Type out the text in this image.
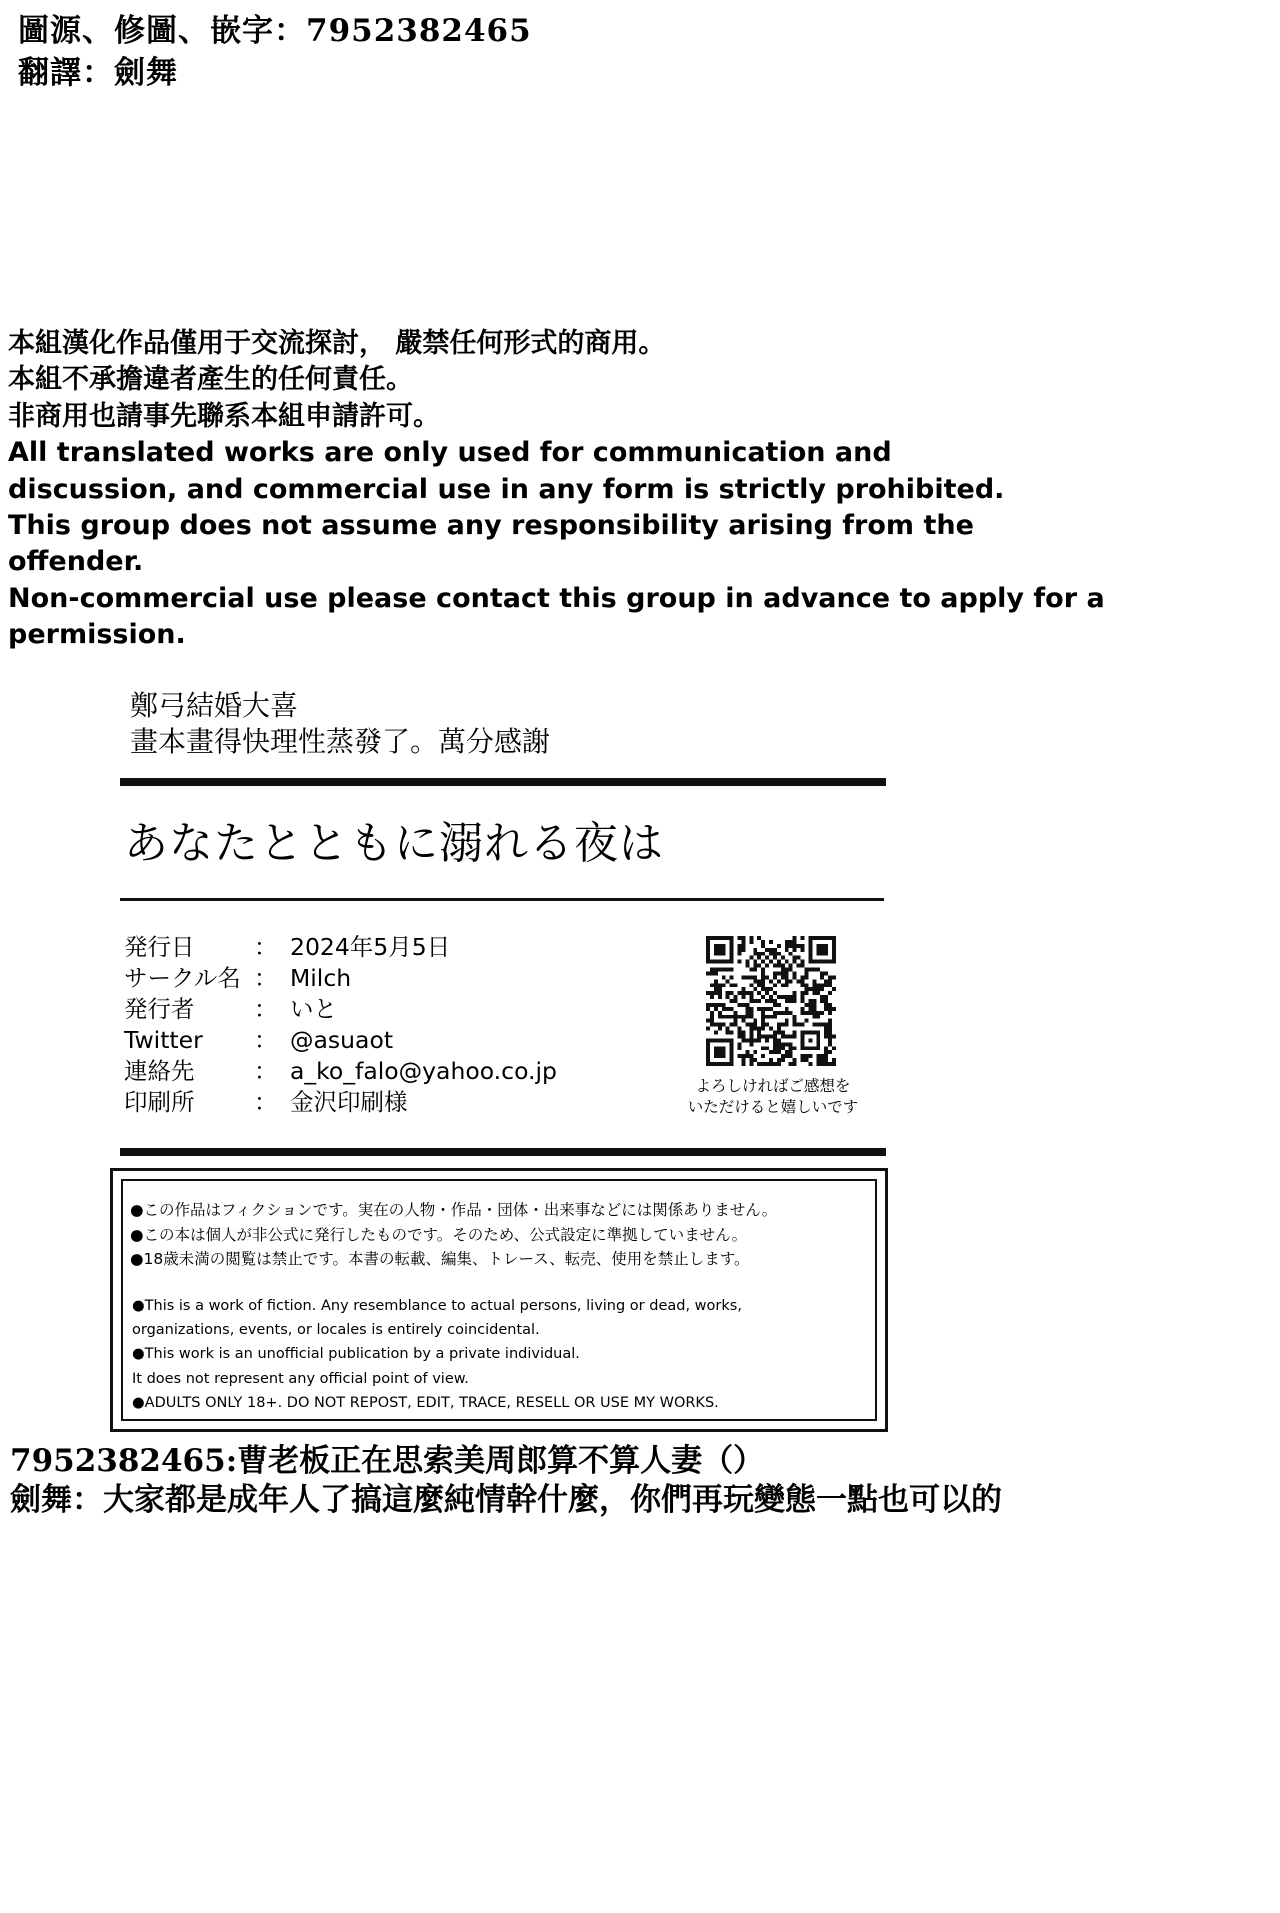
圖源、修圖、嵌字：7952382465
翻譯：劍舞
本組漢化作品僅用于交流探討， 嚴禁任何形式的商用。
本組不承擔違者產生的任何責任。
非商用也請事先聯系本組申請許可。
All translated works are only used for communication and
discussion, and commercial use in any form is strictly prohibited.
This group does not assume any responsibility arising from the
offender.
Non-commercial use please contact this group in advance to apply for a
permission.
鄭弓結婚大喜
畫本畫得快理性蒸發了。萬分感謝
あなたとともに溺れる夜は
発行日	： 2024年5月5日
サークル名 ： Milch
発行者	： いと
Twitter ： @asuaot
連絡先	： a_ko_falo@yahoo.co.jp
印刷所	： 金沢印刷様
よろしければご感想を
いただけると嬉しいです
●この作品はフィクションです。実在の人物・作品・団体・出来事などには関係ありません。
●この本は個人が非公式に発行したものです。そのため、公式設定に準拠していません。
●18歳未満の閲覧は禁止です。本書の転載、編集、トレース、転売、使用を禁止します。
●This is a work of fiction. Any resemblance to actual persons, living or dead, works,
organizations, events, or locales is entirely coincidental.
●This work is an unofficial publication by a private individual.
It does not represent any official point of view.
●ADULTS ONLY 18+. DO NOT REPOST, EDIT, TRACE, RESELL OR USE MY WORKS.
7952382465:曹老板正在思索美周郎算不算人妻（）
劍舞：大家都是成年人了搞這麼純情幹什麼，你們再玩變態一點也可以的
